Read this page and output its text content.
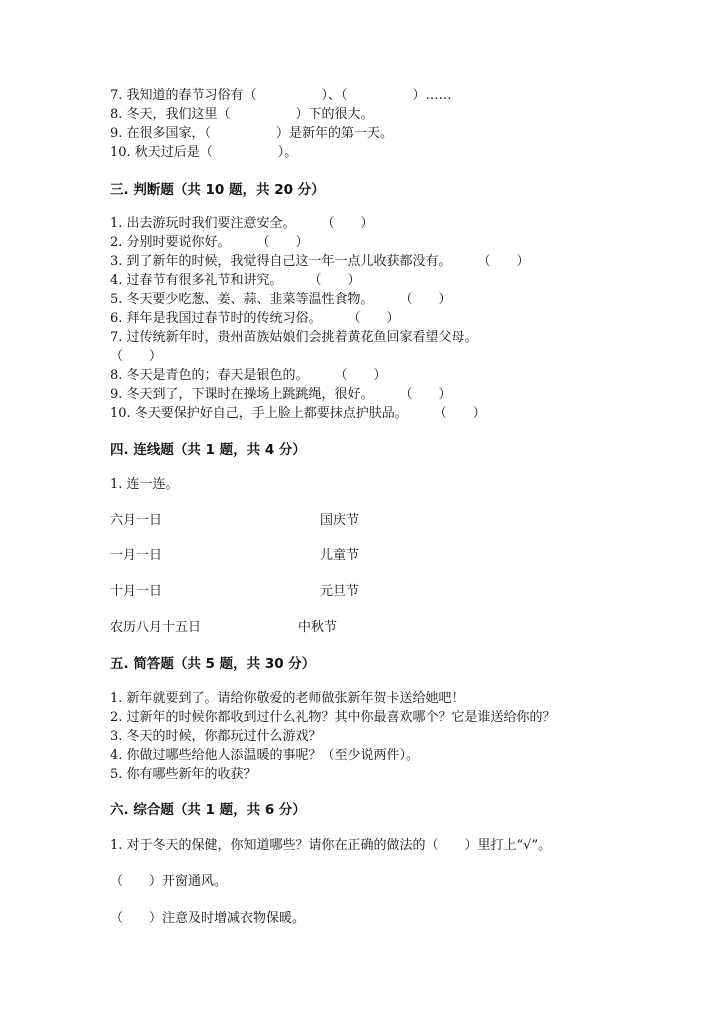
7. 我知道的春节习俗有（　　　　　）、（　　　　　）……
8. 冬天，我们这里（　　　　　）下的很大。
9. 在很多国家，（　　　　　）是新年的第一天。
10. 秋天过后是（　　　　　）。
三. 判断题（共 10 题，共 20 分）
1. 出去游玩时我们要注意安全。　　　（　　）
2. 分别时要说你好。　　　（　　）
3. 到了新年的时候，我觉得自己这一年一点儿收获都没有。　　　（　　）
4. 过春节有很多礼节和讲究。　　　（　　）
5. 冬天要少吃葱、姜、蒜、韭菜等温性食物。　　　（　　）
6. 拜年是我国过春节时的传统习俗。　　　（　　）
7. 过传统新年时，贵州苗族姑娘们会挑着黄花鱼回家看望父母。
（　　）
8. 冬天是青色的；春天是银色的。　　　（　　）
9. 冬天到了，下课时在操场上跳跳绳，很好。　　　（　　）
10. 冬天要保护好自己，手上脸上都要抹点护肤品。　　　（　　）
四. 连线题（共 1 题，共 4 分）
1. 连一连。
六月一日	国庆节
一月一日	儿童节
十月一日	元旦节
农历八月十五日	中秋节
五. 简答题（共 5 题，共 30 分）
1. 新年就要到了。请给你敬爱的老师做张新年贺卡送给她吧！
2. 过新年的时候你都收到过什么礼物？其中你最喜欢哪个？它是谁送给你的？
3. 冬天的时候，你都玩过什么游戏？
4. 你做过哪些给他人添温暖的事呢？（至少说两件）。
5. 你有哪些新年的收获？
六. 综合题（共 1 题，共 6 分）
1. 对于冬天的保健，你知道哪些？请你在正确的做法的（　　）里打上“√”。
（　　）开窗通风。
（　　）注意及时增减衣物保暖。
